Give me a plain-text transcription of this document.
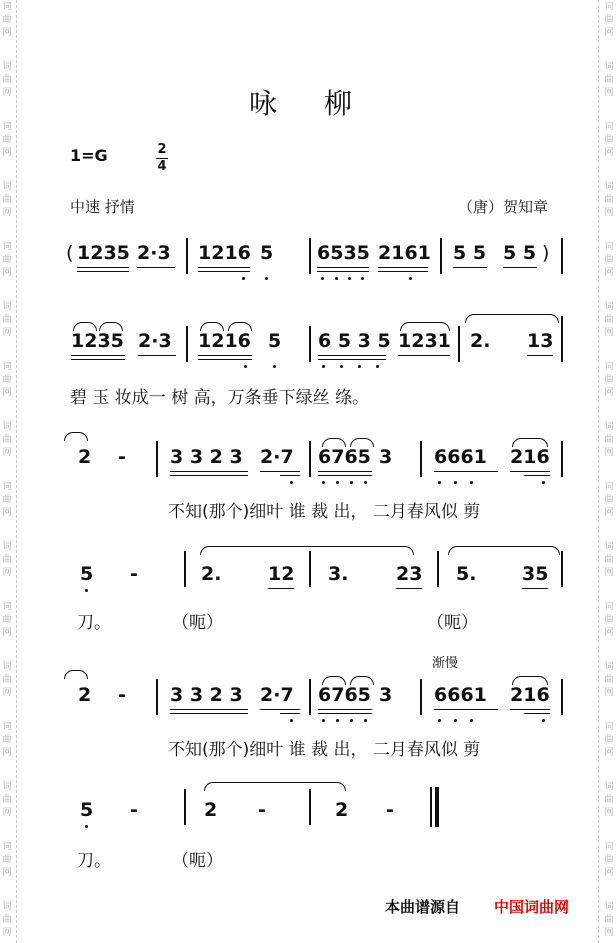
词
曲
网
词
曲
网
词
曲
网
词
曲
网
词
曲
网
词
曲
网
词
曲
网
词
曲
网
词
曲
网
词
曲
网
词
曲
网
词
曲
网
词
曲
网
词
曲
网
词
曲
网
词
曲
网
词
曲
网
词
曲
网
词
曲
网
词
曲
网
词
曲
网
词
曲
网
词
曲
网
词
曲
网
词
曲
网
词
曲
网
词
曲
网
词
曲
网
词
曲
网
词
曲
网
词
曲
网
词
曲
网
咏 柳
1=G	2
4
中速 抒情	（唐）贺知章
( 1235 2·3 1216 5 6535 2161 5 5 5 5 )
1235 2·3 1216 5 6 5 3 5 1231 2. 13
碧 玉 妆成一 树 高，万条垂下绿丝 绦。
2 - 3 3 2 3 2·7 6765 3 6661 216
不知(那个)细叶 谁 裁 出， 二月春风似 剪
5 -	2. 12 3.	23 5. 35
刀。	（呃）	（呃）
渐慢
2 - 3 3 2 3 2·7 6765 3 6661 216
不知(那个)细叶 谁 裁 出， 二月春风似 剪
5 -	2 -	2 -
刀。	（呃）
本曲谱源自 中国词曲网
